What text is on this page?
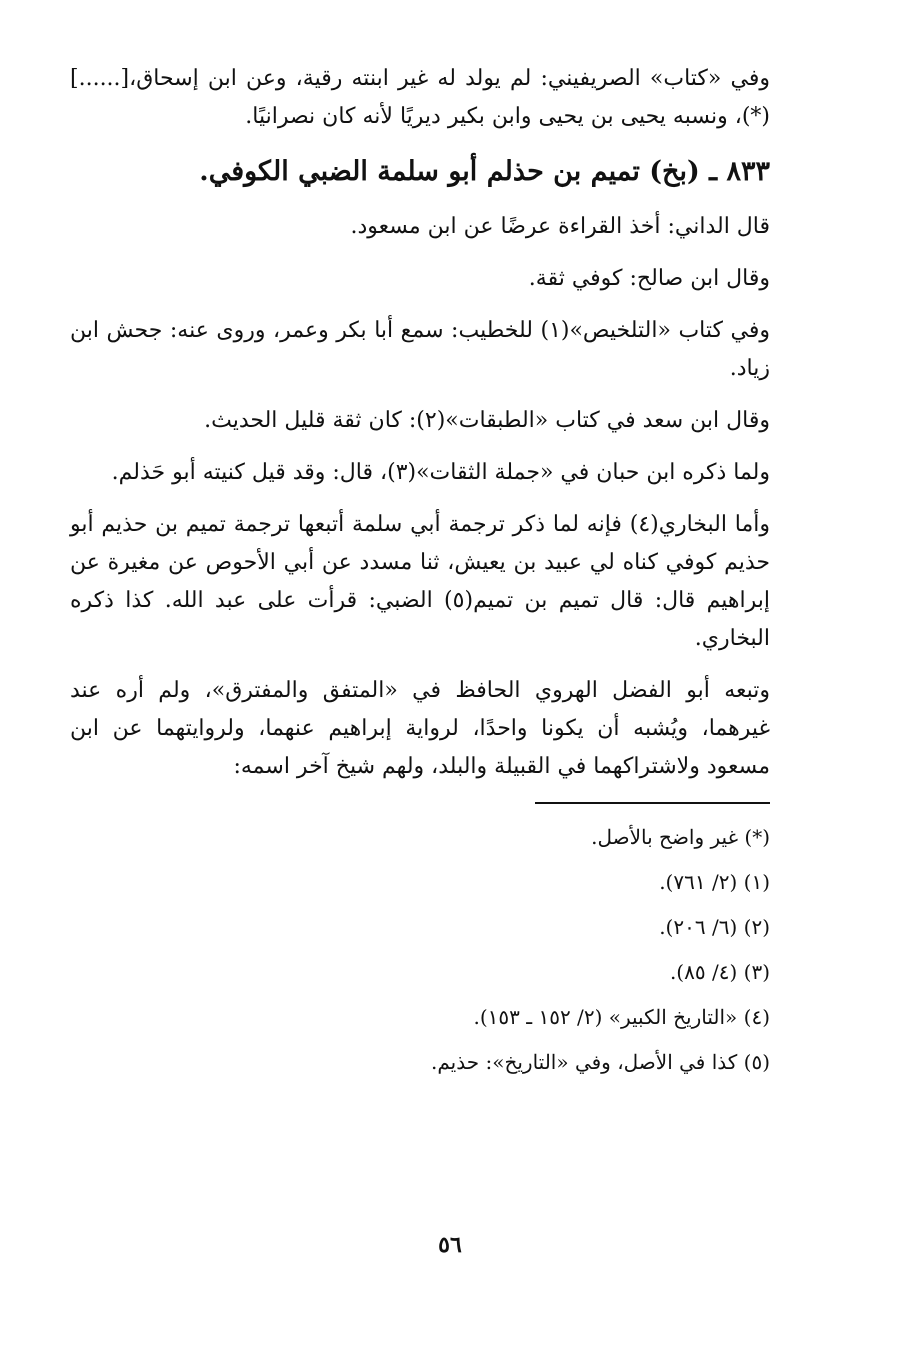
وفي «كتاب» الصريفيني: لم يولد له غير ابنته رقية، وعن ابن إسحاق،[......](*)، ونسبه يحيى بن يحيى وابن بكير ديريًا لأنه كان نصرانيًا.

٨٣٣ ـ (بخ) تميم بن حذلم أبو سلمة الضبي الكوفي.

قال الداني: أخذ القراءة عرضًا عن ابن مسعود.

وقال ابن صالح: كوفي ثقة.

وفي كتاب «التلخيص»(١) للخطيب: سمع أبا بكر وعمر، وروى عنه: جحش ابن زياد.

وقال ابن سعد في كتاب «الطبقات»(٢): كان ثقة قليل الحديث.

ولما ذكره ابن حبان في «جملة الثقات»(٣)، قال: وقد قيل كنيته أبو حَذلم.

وأما البخاري(٤) فإنه لما ذكر ترجمة أبي سلمة أتبعها ترجمة تميم بن حذيم أبو حذيم كوفي كناه لي عبيد بن يعيش، ثنا مسدد عن أبي الأحوص عن مغيرة عن إبراهيم قال: قال تميم بن تميم(٥) الضبي: قرأت على عبد الله. كذا ذكره البخاري.

وتبعه أبو الفضل الهروي الحافظ في «المتفق والمفترق»، ولم أره عند غيرهما، ويُشبه أن يكونا واحدًا، لرواية إبراهيم عنهما، ولروايتهما عن ابن مسعود ولاشتراكهما في القبيلة والبلد، ولهم شيخ آخر اسمه:

(*) غير واضح بالأصل.

(١) (٢/ ٧٦١).

(٢) (٦/ ٢٠٦).

(٣) (٤/ ٨٥).

(٤) «التاريخ الكبير» (٢/ ١٥٢ ـ ١٥٣).

(٥) كذا في الأصل، وفي «التاريخ»: حذيم.

٥٦
